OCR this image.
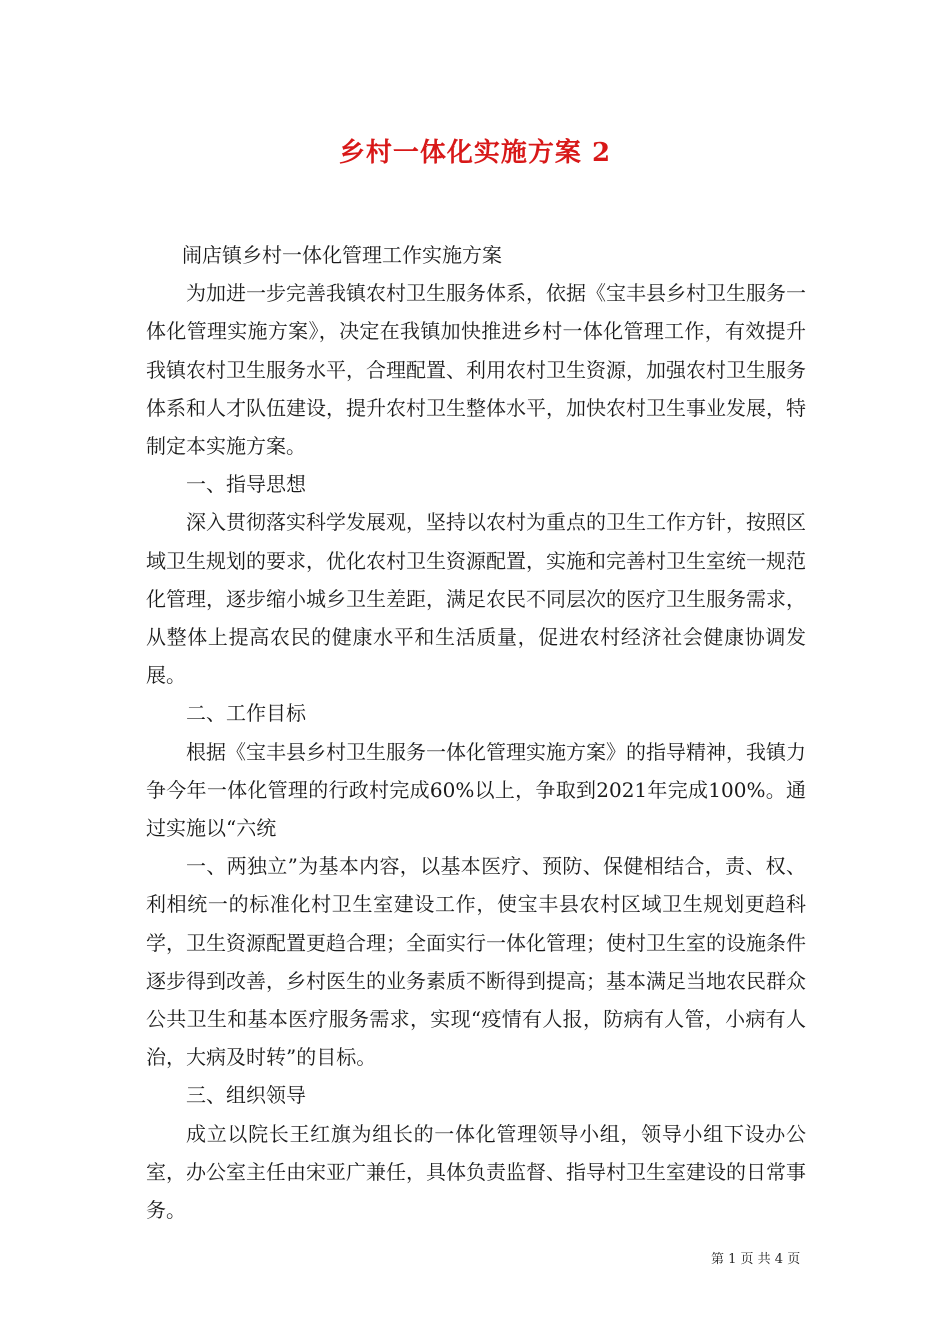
乡村一体化实施方案 2

闹店镇乡村一体化管理工作实施方案

为加进一步完善我镇农村卫生服务体系，依据《宝丰县乡村卫生服务一体化管理实施方案》，决定在我镇加快推进乡村一体化管理工作，有效提升我镇农村卫生服务水平，合理配置、利用农村卫生资源，加强农村卫生服务体系和人才队伍建设，提升农村卫生整体水平，加快农村卫生事业发展，特制定本实施方案。

一、指导思想

深入贯彻落实科学发展观，坚持以农村为重点的卫生工作方针，按照区域卫生规划的要求，优化农村卫生资源配置，实施和完善村卫生室统一规范化管理，逐步缩小城乡卫生差距，满足农民不同层次的医疗卫生服务需求，从整体上提高农民的健康水平和生活质量，促进农村经济社会健康协调发展。

二、工作目标

根据《宝丰县乡村卫生服务一体化管理实施方案》的指导精神，我镇力争今年一体化管理的行政村完成60%以上，争取到2021年完成100%。通过实施以“六统

一、两独立”为基本内容，以基本医疗、预防、保健相结合，责、权、利相统一的标准化村卫生室建设工作，使宝丰县农村区域卫生规划更趋科学，卫生资源配置更趋合理；全面实行一体化管理；使村卫生室的设施条件逐步得到改善，乡村医生的业务素质不断得到提高；基本满足当地农民群众公共卫生和基本医疗服务需求，实现“疫情有人报，防病有人管，小病有人治，大病及时转”的目标。

三、组织领导

成立以院长王红旗为组长的一体化管理领导小组，领导小组下设办公室，办公室主任由宋亚广兼任，具体负责监督、指导村卫生室建设的日常事务。

第 1 页 共 4 页
